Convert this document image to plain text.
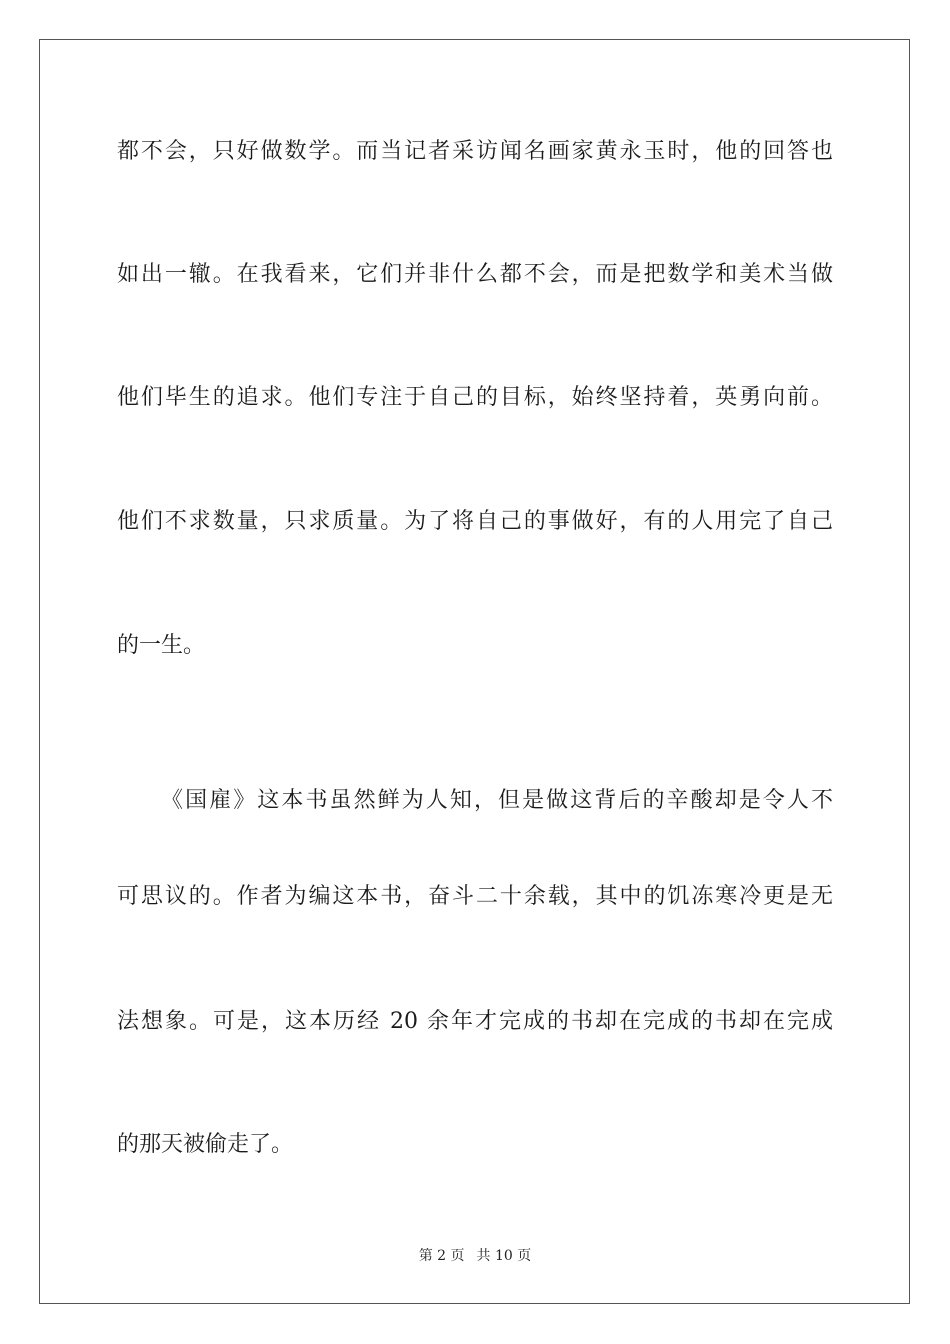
都不会，只好做数学。而当记者采访闻名画家黄永玉时，他的回答也
如出一辙。在我看来，它们并非什么都不会，而是把数学和美术当做
他们毕生的追求。他们专注于自己的目标，始终坚持着，英勇向前。
他们不求数量，只求质量。为了将自己的事做好，有的人用完了自己
的一生。
《国雇》这本书虽然鲜为人知，但是做这背后的辛酸却是令人不
可思议的。作者为编这本书，奋斗二十余载，其中的饥冻寒冷更是无
法想象。可是，这本历经 20 余年才完成的书却在完成的书却在完成
的那天被偷走了。
第 2 页 共 10 页
